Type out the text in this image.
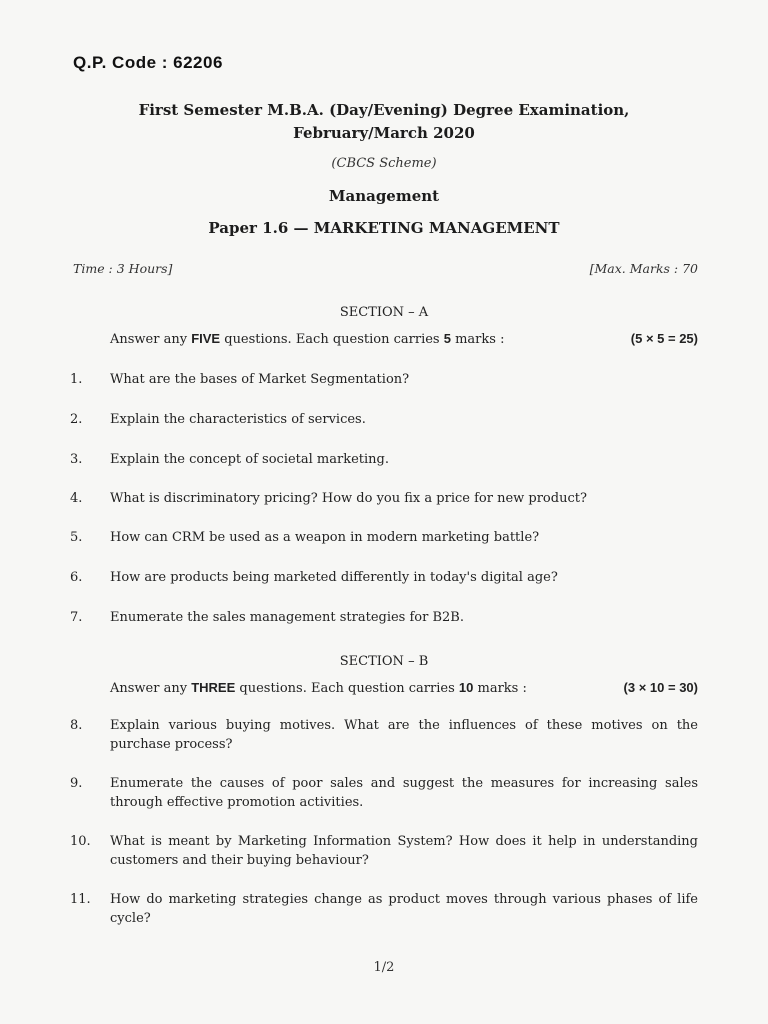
Q.P. Code : 62206
First Semester M.B.A. (Day/Evening) Degree Examination,
February/March 2020
(CBCS Scheme)
Management
Paper 1.6 — MARKETING MANAGEMENT
Time : 3 Hours]	[Max. Marks : 70
SECTION – A
Answer any FIVE questions. Each question carries 5 marks :	(5 × 5 = 25)
1.	What are the bases of Market Segmentation?
2.	Explain the characteristics of services.
3.	Explain the concept of societal marketing.
4.	What is discriminatory pricing? How do you fix a price for new product?
5.	How can CRM be used as a weapon in modern marketing battle?
6.	How are products being marketed differently in today's digital age?
7.	Enumerate the sales management strategies for B2B.
SECTION – B
Answer any THREE questions. Each question carries 10 marks :	(3 × 10 = 30)
8.	Explain various buying motives. What are the influences of these motives on the purchase process?
9.	Enumerate the causes of poor sales and suggest the measures for increasing sales through effective promotion activities.
10.	What is meant by Marketing Information System? How does it help in understanding customers and their buying behaviour?
11.	How do marketing strategies change as product moves through various phases of life cycle?
1/2
